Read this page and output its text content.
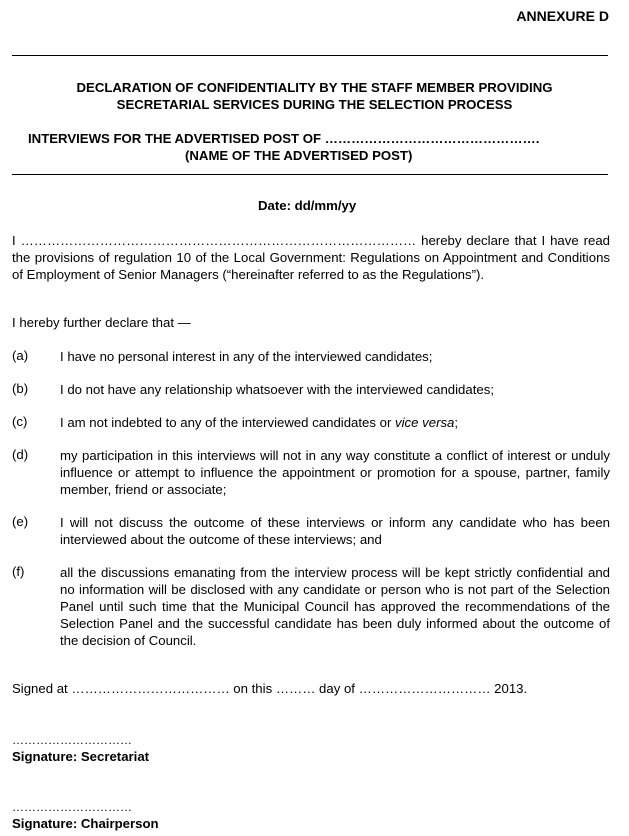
ANNEXURE D
DECLARATION OF CONFIDENTIALITY BY THE STAFF MEMBER PROVIDING
SECRETARIAL SERVICES DURING THE SELECTION PROCESS
INTERVIEWS FOR THE ADVERTISED POST OF ………………………………………….
(NAME OF THE ADVERTISED POST)
Date: dd/mm/yy
I ……………………………………………………………………………… hereby declare that I have read the provisions of regulation 10 of the Local Government: Regulations on Appointment and Conditions of Employment of Senior Managers (“hereinafter referred to as the Regulations”).
I hereby further declare that —
(a) I have no personal interest in any of the interviewed candidates;
(b) I do not have any relationship whatsoever with the interviewed candidates;
(c) I am not indebted to any of the interviewed candidates or vice versa;
(d) my participation in this interviews will not in any way constitute a conflict of interest or unduly influence or attempt to influence the appointment or promotion for a spouse, partner, family member, friend or associate;
(e) I will not discuss the outcome of these interviews or inform any candidate who has been interviewed about the outcome of these interviews; and
(f)	all the discussions emanating from the interview process will be kept strictly confidential and no information will be disclosed with any candidate or person who is not part of the Selection Panel until such time that the Municipal Council has approved the recommendations of the Selection Panel and the successful candidate has been duly informed about the outcome of the decision of Council.
Signed at ……………………………… on this ……… day of ………………………… 2013.
…………………………
Signature: Secretariat
…………………………
Signature: Chairperson
